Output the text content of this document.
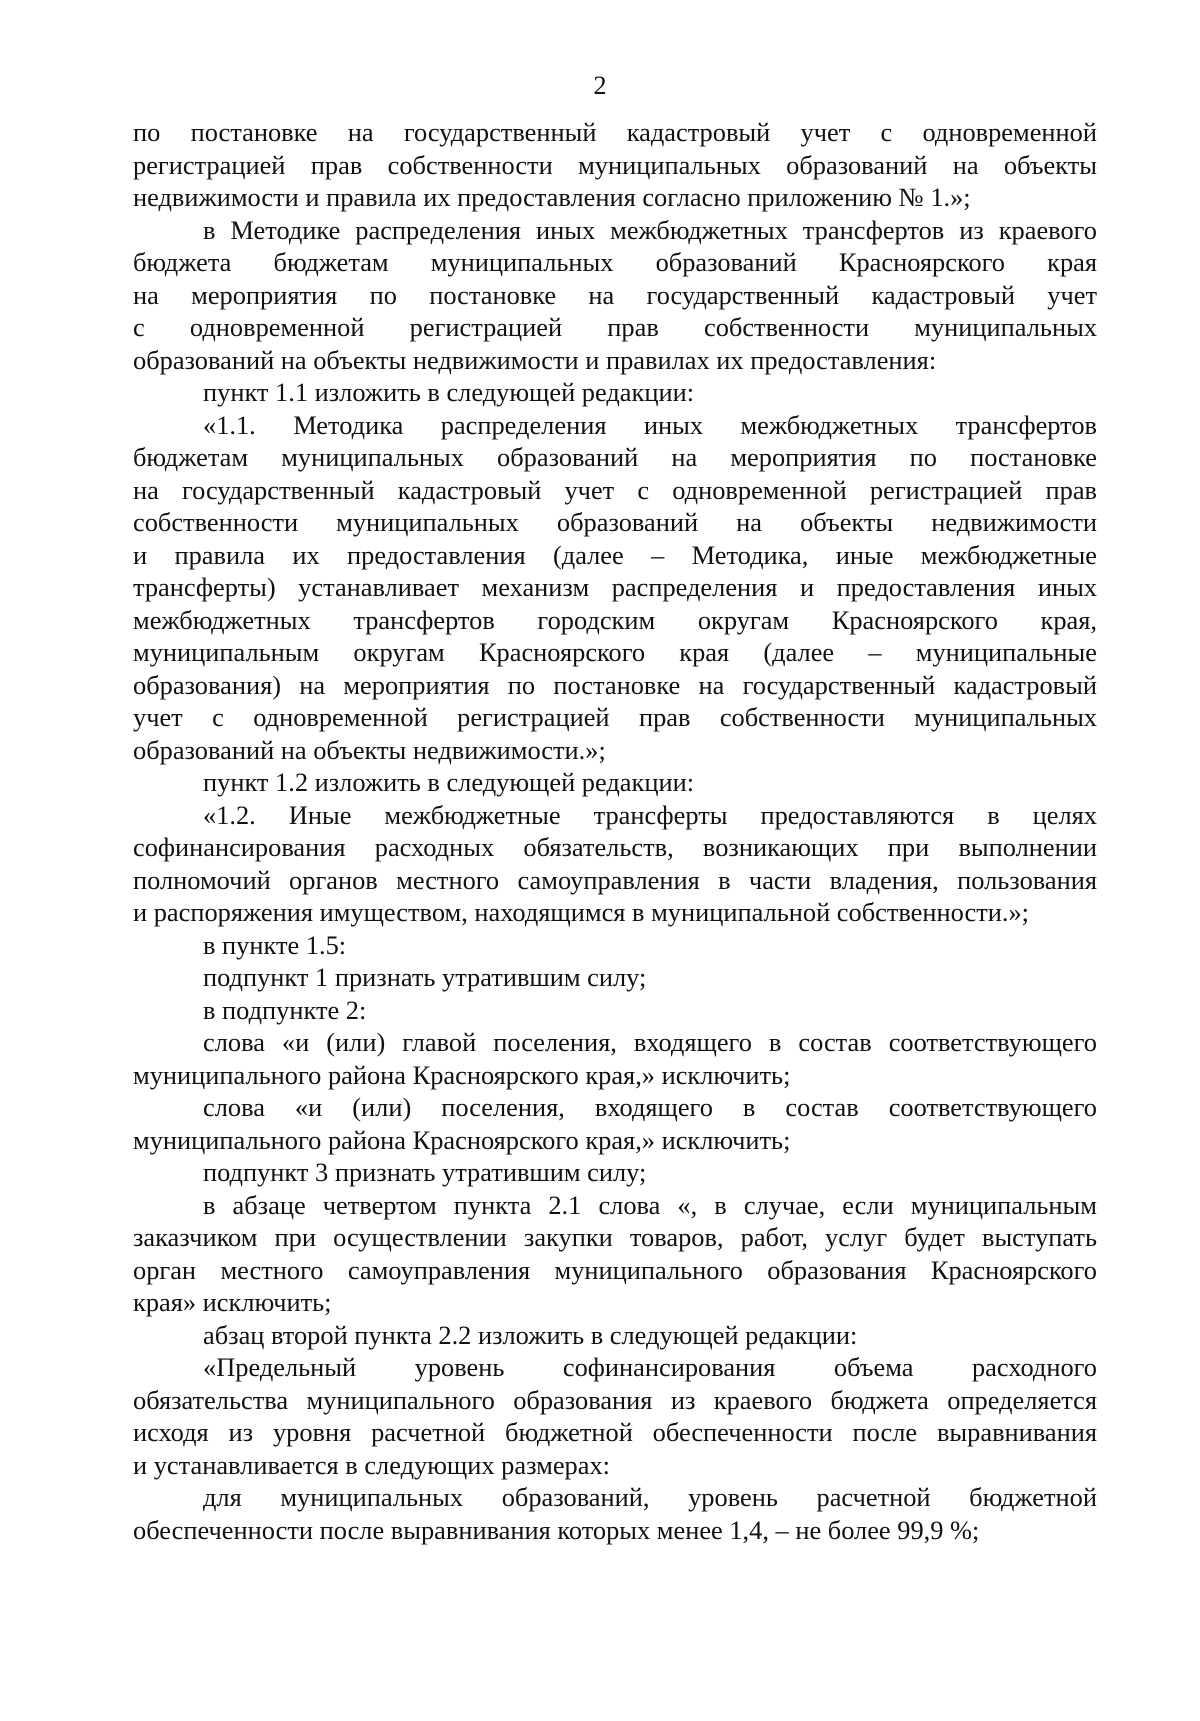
2
по постановке на государственный кадастровый учет с одновременной
регистрацией прав собственности муниципальных образований на объекты
недвижимости и правила их предоставления согласно приложению № 1.»;
в Методике распределения иных межбюджетных трансфертов из краевого
бюджета бюджетам муниципальных образований Красноярского края
на мероприятия по постановке на государственный кадастровый учет
с одновременной регистрацией прав собственности муниципальных
образований на объекты недвижимости и правилах их предоставления:
пункт 1.1 изложить в следующей редакции:
«1.1. Методика распределения иных межбюджетных трансфертов
бюджетам муниципальных образований на мероприятия по постановке
на государственный кадастровый учет с одновременной регистрацией прав
собственности муниципальных образований на объекты недвижимости
и правила их предоставления (далее – Методика, иные межбюджетные
трансферты) устанавливает механизм распределения и предоставления иных
межбюджетных трансфертов городским округам Красноярского края,
муниципальным округам Красноярского края (далее – муниципальные
образования) на мероприятия по постановке на государственный кадастровый
учет с одновременной регистрацией прав собственности муниципальных
образований на объекты недвижимости.»;
пункт 1.2 изложить в следующей редакции:
«1.2. Иные межбюджетные трансферты предоставляются в целях
софинансирования расходных обязательств, возникающих при выполнении
полномочий органов местного самоуправления в части владения, пользования
и распоряжения имуществом, находящимся в муниципальной собственности.»;
в пункте 1.5:
подпункт 1 признать утратившим силу;
в подпункте 2:
слова «и (или) главой поселения, входящего в состав соответствующего
муниципального района Красноярского края,» исключить;
слова «и (или) поселения, входящего в состав соответствующего
муниципального района Красноярского края,» исключить;
подпункт 3 признать утратившим силу;
в абзаце четвертом пункта 2.1 слова «, в случае, если муниципальным
заказчиком при осуществлении закупки товаров, работ, услуг будет выступать
орган местного самоуправления муниципального образования Красноярского
края» исключить;
абзац второй пункта 2.2 изложить в следующей редакции:
«Предельный уровень софинансирования объема расходного
обязательства муниципального образования из краевого бюджета определяется
исходя из уровня расчетной бюджетной обеспеченности после выравнивания
и устанавливается в следующих размерах:
для муниципальных образований, уровень расчетной бюджетной
обеспеченности после выравнивания которых менее 1,4, – не более 99,9 %;
